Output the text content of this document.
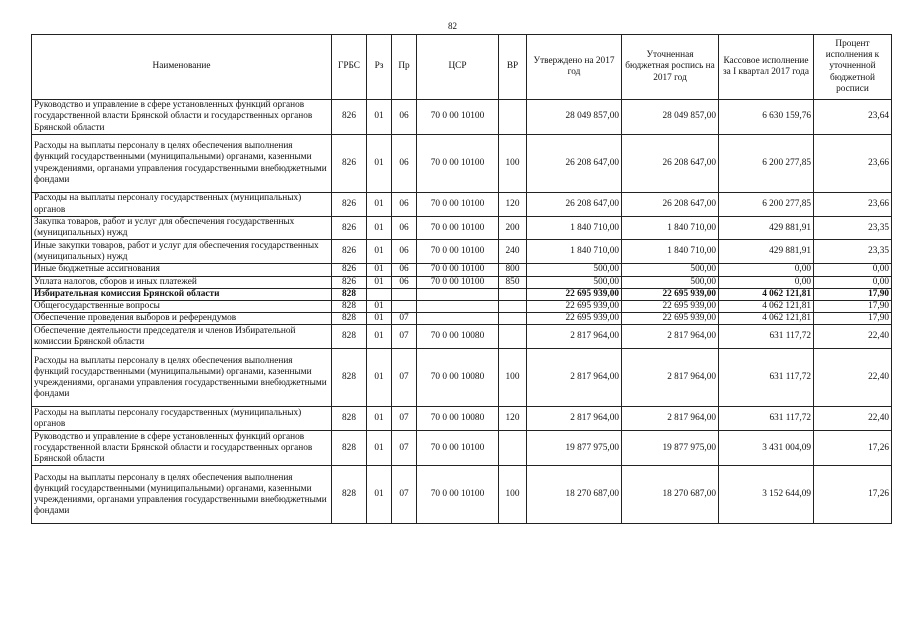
82
Наименование	ГРБС	Рз	Пр	ЦСР	ВР	Утверждено на 2017 год	Уточненная бюджетная роспись на 2017 год	Кассовое исполнение за I квартал 2017 года	Процент исполнения к уточненной бюджетной росписи
Руководство и управление в сфере установленных функций органов государственной власти Брянской области и государственных органов Брянской области	826	01	06	70 0 00 10100		28 049 857,00	28 049 857,00	6 630 159,76	23,64
Расходы на выплаты персоналу в целях обеспечения выполнения функций государственными (муниципальными) органами, казенными учреждениями, органами управления государственными внебюджетными фондами	826	01	06	70 0 00 10100	100	26 208 647,00	26 208 647,00	6 200 277,85	23,66
Расходы на выплаты персоналу государственных (муниципальных) органов	826	01	06	70 0 00 10100	120	26 208 647,00	26 208 647,00	6 200 277,85	23,66
Закупка товаров, работ и услуг для обеспечения государственных (муниципальных) нужд	826	01	06	70 0 00 10100	200	1 840 710,00	1 840 710,00	429 881,91	23,35
Иные закупки товаров, работ и услуг для обеспечения государственных (муниципальных) нужд	826	01	06	70 0 00 10100	240	1 840 710,00	1 840 710,00	429 881,91	23,35
Иные бюджетные ассигнования	826	01	06	70 0 00 10100	800	500,00	500,00	0,00	0,00
Уплата налогов, сборов и иных платежей	826	01	06	70 0 00 10100	850	500,00	500,00	0,00	0,00
Избирательная комиссия Брянской области	828					22 695 939,00	22 695 939,00	4 062 121,81	17,90
Общегосударственные вопросы	828	01				22 695 939,00	22 695 939,00	4 062 121,81	17,90
Обеспечение проведения выборов и референдумов	828	01	07			22 695 939,00	22 695 939,00	4 062 121,81	17,90
Обеспечение деятельности председателя и членов Избирательной комиссии Брянской области	828	01	07	70 0 00 10080		2 817 964,00	2 817 964,00	631 117,72	22,40
Расходы на выплаты персоналу в целях обеспечения выполнения функций государственными (муниципальными) органами, казенными учреждениями, органами управления государственными внебюджетными фондами	828	01	07	70 0 00 10080	100	2 817 964,00	2 817 964,00	631 117,72	22,40
Расходы на выплаты персоналу государственных (муниципальных) органов	828	01	07	70 0 00 10080	120	2 817 964,00	2 817 964,00	631 117,72	22,40
Руководство и управление в сфере установленных функций органов государственной власти Брянской области и государственных органов Брянской области	828	01	07	70 0 00 10100		19 877 975,00	19 877 975,00	3 431 004,09	17,26
Расходы на выплаты персоналу в целях обеспечения выполнения функций государственными (муниципальными) органами, казенными учреждениями, органами управления государственными внебюджетными фондами	828	01	07	70 0 00 10100	100	18 270 687,00	18 270 687,00	3 152 644,09	17,26
